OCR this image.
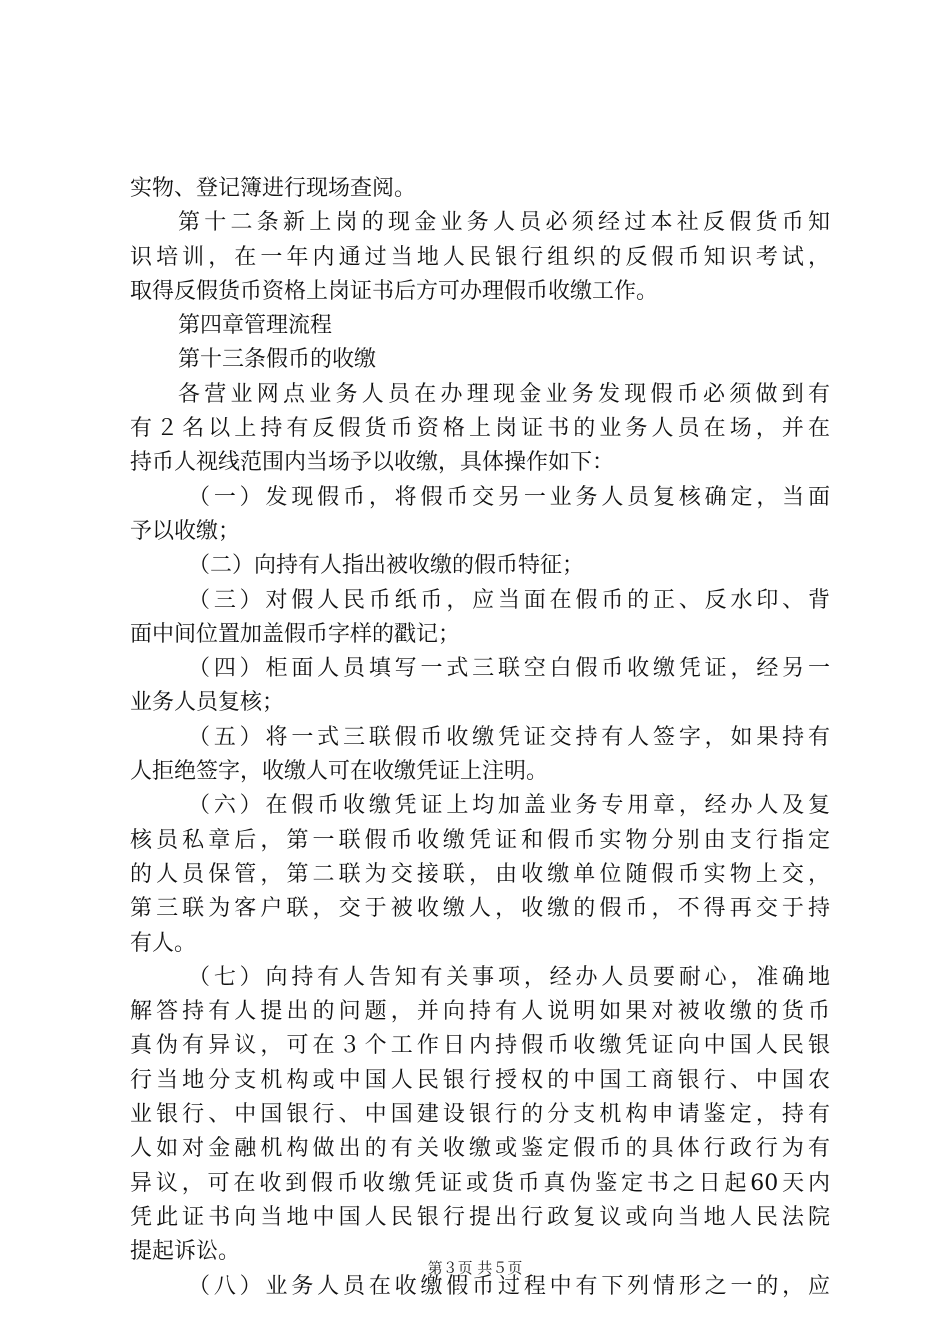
实物、登记簿进行现场查阅。
第十二条新上岗的现金业务人员必须经过本社反假货币知
识培训，在一年内通过当地人民银行组织的反假币知识考试，
取得反假货币资格上岗证书后方可办理假币收缴工作。
第四章管理流程
第十三条假币的收缴
各营业网点业务人员在办理现金业务发现假币必须做到有
有２名以上持有反假货币资格上岗证书的业务人员在场，并在
持币人视线范围内当场予以收缴，具体操作如下：
（一）发现假币，将假币交另一业务人员复核确定，当面
予以收缴；
（二）向持有人指出被收缴的假币特征；
（三）对假人民币纸币，应当面在假币的正、反水印、背
面中间位置加盖假币字样的戳记；
（四）柜面人员填写一式三联空白假币收缴凭证，经另一
业务人员复核；
（五）将一式三联假币收缴凭证交持有人签字，如果持有
人拒绝签字，收缴人可在收缴凭证上注明。
（六）在假币收缴凭证上均加盖业务专用章，经办人及复
核员私章后，第一联假币收缴凭证和假币实物分别由支行指定
的人员保管，第二联为交接联，由收缴单位随假币实物上交，
第三联为客户联，交于被收缴人，收缴的假币，不得再交于持
有人。
（七）向持有人告知有关事项，经办人员要耐心，准确地
解答持有人提出的问题，并向持有人说明如果对被收缴的货币
真伪有异议，可在３个工作日内持假币收缴凭证向中国人民银
行当地分支机构或中国人民银行授权的中国工商银行、中国农
业银行、中国银行、中国建设银行的分支机构申请鉴定，持有
人如对金融机构做出的有关收缴或鉴定假币的具体行政行为有
异议，可在收到假币收缴凭证或货币真伪鉴定书之日起60天内
凭此证书向当地中国人民银行提出行政复议或向当地人民法院
提起诉讼。
（八）业务人员在收缴假币过程中有下列情形之一的，应
第３页 共５页
